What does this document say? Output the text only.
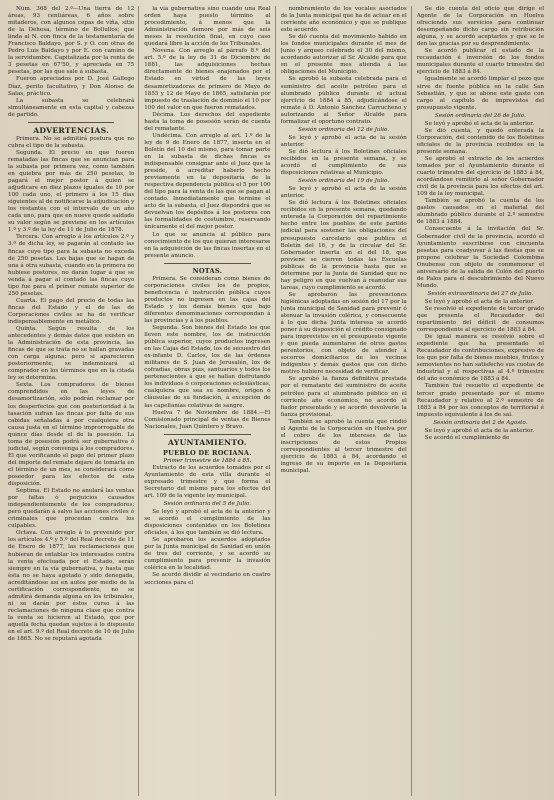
Núm. 368 del 2.º—Una tierra de 12 áreas, 93 centiáreas, 6 años sobre mitaderos, con algunos cepas de viña, sitio de la Dehesa, término de Bollullos; que linda al N. con finca de la testamentaría de Francisco Baldayo, por S. y O. con otras de Pedro Luis Baldayo y por E. con camino de la servidumbre. Capitalizada por la renta de 3 pesetas en 67'50, y apreciada en 75 pesetas, por las que sale á subasta.

Fueron apreciados por D. José Gallego Díaz, perito facultativo, y Don Alonso de Salas, práctico.

La subasta se celebrará simultáneamente en esta capital y cabezas de partido.

ADVERTENCIAS.

Primera. No se admitirá postura que no cubra el tipo de la subasta.

Segunda. El precio en que fueren rematadas las fincas que se anuncian para la subasta por primera vez, como también en quiebra por más de 250 pesetas, lo pagará el mejor postor á quien se adjudicare en diez plazos iguales de 10 por 100 cada uno, el primero á los 15 días siguientes al de notificarse la adjudicación y los restantes con el intervalo de un año cada uno, para que en nueve quede saldado su valor según se previene en los artículos 1.º y 3.º de la ley de 11 de Julio de 1878.

Tercera. Con arreglo á los artículos 2.º y 3.º de dicha ley, se pagarán al contado las fincas cuyo tipo para la subasta no exceda de 250 pesetas. Las bajas que se hagan de una á otra subasta, cuando en la primera no hubiese postores, no darán lugar á que se venda á pagar al contado las fincas cuyo tipo fue para el primer remate superior de 250 pesetas.

Cuarta. El pago del precio de todas las fincas del Estado y el de las de Corporaciones civiles se ha de verificar indispensablemente en metálico.

Quinta. Según resulta de los antecedentes y demás datos que existen en la Administración de esta provincia, las fincas de que se trata no se hallan gravadas con carga alguna; pero si aparecieren posteriormente, se indemnizará al comprador en los términos que en la citada ley se determina.

Sexta. Los compradores de bienes comprendidos en las leyes de desamortización, sólo podrán reclamar por los desperfectos que con posterioridad á la tasación sufran las fincas por falta de sus cabidas señaladas á por cualquiera otra causa justa en el término improrrogable de quince días desde el de la posesión. La toma de posesión podrá ser gubernativa ó judicial, según convenga á los compradores. El que verificando el pago del primer plazo del importe del remate dejare de tomarla en el término de un mes, se considerará como poseedor para los efectos de esta disposición.

Séptima. El Estado no anulará las ventas por faltas ó perjuicios causados independientemente de los compradores; pero quedarán á salvo las acciones civiles ó criminales que procedan contra los culpables.

Octava. Con arreglo á lo prevenido por los artículos 4.º y 5.º del Real decreto de 11 de Enero de 1877, las reclamaciones que hubieran de entablar los interesados contra la venta efectuada por el Estado, serán siempre en la vía gubernativa, y hasta que ésta no se haya agotado y sido denegada, acreditándose así en autos por medio de la certificación correspondiente, no se admitirá demanda alguna en los tribunales, ni se darán por éstos curso á las reclamaciones de ninguna clase que contra la venta se hicieren al Estado, que por aquella fecha quedan sujetos á lo dispuesto en el art. 9.º del Real decreto de 10 de Julio de 1865. No se reputará agotada

la vía gubernativa sino cuando una Real orden haya puesto término al procedimiento, á menos que la Administración demore por más de seis meses la resolución final, en cuyo caso quedará libre la acción de los Tribunales.

Novena. Con arreglo al párrafo 8.º del art. 5.º de la ley de 31 de Diciembre de 1881, las adquisiciones hechas directamente de bienes enajenados por el Estado en virtud de las leyes desamortizadoras de primero de Mayo de 1855 y 12 de Mayo de 1865, satisfarán por impuesto de traslación de dominio el 10 por 100 del valor en que fueron rematados.

Décima. Los derechos del expediente hasta la toma de posesión serán de cuenta del rematante.

Undécima. Con arreglo al art. 1.º de la ley de 9 de Enero de 1877, inserta en el Boletín del 10 del mismo, para tomar parte en la subasta de dichas fincas es indispensable consignar ante el Juez que la preside, ó acreditar haberlo hecho previamente en la depositaría de la respectiva dependencia pública el 5 por 100 del tipo para la venta de las que se pagan al contado. Inmediatamente que termine el acto de la subasta, el Juez dispondrá que se devuelvan los depósitos á los postores con las formalidades de costumbre, reservando únicamente el del mejor postor.

Lo que se anuncia al público para conocimiento de los que quieran interesarse en la adquisición de las fincas insertas en el presente anuncio.

NOTAS.

Primera. Se consideran como bienes de corporaciones civiles los de propios, beneficencia é instrucción pública cuyos productos no ingresen en las cajas del Estado y los demás bienes que bajo diferentes denominaciones correspondan á las provincias y á los pueblos.

Segunda. Son bienes del Estado los que lleven este nombre, los de instrucción pública superior, cuyos productos ingresen en las Cajas del Estado, los de secuestro del ex-infante D. Carlos, los de las órdenes militares de S. Juan de Jerusalén, los de cofradías, obras pías, santuarios y todos los pertenecientes á que se hallan disfrutando los individuos ó corporaciones eclesiásticas, cualquiera que sea su nombre, origen ó cláusulas de su fundación, á excepción de las capellanías colativas de sangre.

Huelva 7 de Noviembre de 1884.—El Comisionado principal de ventas de Bienes Nacionales, Juan Quintero y Bravo.

AYUNTAMIENTO.
PUEBLO DE ROCIANA.

Primer trimestre de 1884 á 85.

Extracto de los acuerdos tomados por el Ayuntamiento de esta villa durante el expresado trimestre y que forma el Secretario del mismo para los efectos del art. 109 de la vigente ley municipal.

Sesión ordinaria del 5 de Julio.

Se leyó y aprobó el acta de la anterior y se acordó el cumplimiento de las disposiciones contenidas en los Boletines oficiales, á los que también se dió lectura.

Se aprobaron los acuerdos adoptados por la Junta municipal de Sanidad en unión de tres del corriente, y se acordó su cumplimiento para prevenir la invasión colérica en la localidad.

Se acordó dividir al vecindario en cuatro secciones para el

nombramiento de los vocales asociados de la Junta municipal que ha de actuar en el corriente año económico y que se publique este acuerdo.

Se dió cuenta del movimiento habido en los fondos municipales durante el mes de Junio y arqueo celebrado el 30 del mismo, acordando autorizar al Sr. Alcalde para que en el presente mes atienda á las obligaciones del Municipio.

Se aprobó la subasta celebrada para el suministro del aceite petróleo para el alumbrado público durante el actual ejercicio de 1884 á 85, adjudicándose el remate á D. Antonio Sánchez Carrucheno y autorizando al Señor Alcalde para formalizar el oportuno contrato.

Sesión ordinaria del 12 de Julio.

Se leyó y aprobó el acta de la sesión anterior.

Se dió lectura á los Boletines oficiales recibidos en la presente semana, y se acordó el cumplimiento de sus disposiciones relativas al Municipio.

Sesión ordinaria del 19 de Julio.

Se leyó y aprobó el acta de la sesión anterior.

Se dió lectura á los Boletines oficiales recibidos en la presente semana, quedando enterada la Corporación del repartimiento hecho entre los pueblos de este partido judicial para sostener las obligaciones del presupuesto carcelario que publica el Boletín del 16, y de la circular del Sr. Gobernador inserta en el del 18, que previene se cierren todas las Escuelas públicas de la provincia hasta que se determine por la Junta de Sanidad que no hay peligro en que vuelvan á reanudar sus tareas, cuyo cumplimiento se acordó.

Se aprobaron las prevenciones higiénicas adoptadas en sesión del 17 por la Junta municipal de Sanidad para prevenir ó atenuar la invasión colérica, y consecuente á lo que dicha Junta interesa se acordó poner á su disposición el crédito consignado para imprevistos en el presupuesto vigente y que pueda aumentarse de otros gastos perentorios, con objeto de atender á socorros domiciliarios de los vecinos indigentes y demás gastos que con dicho motivo hubiere necesidad de verificar.

Se aprobó la fianza definitiva prestada por el rematante del suministro de aceite petróleo para el alumbrado público en el corriente año económico, no acordó el fiador presentado y se acordó devolverle la fianza provisional.

También se aprobó la cuenta que rindió el Agente de la Corporación en Huelva por el cobro de los intereses de las inscripciones de estos Propios correspondientes al tercer trimestre del ejercicio de 1883 á 84, acordando el ingreso de su importe en la Depositaría municipal.

Se dió cuenta del oficio que dirige el Agente de la Corporación en Huelva ofreciendo sus servicios para continuar desempeñando dicho cargo sin retribución alguna, y se acordó aceptarlos y que se le den las gracias por su desprendimiento.

Se acordó publicar el estado de la recaudación é inversión de los fondos municipales durante el cuarto trimestre del ejercicio de 1883 á 84.

Igualmente se acordó limpiar el pozo que sirve de fuente pública en la calle San Sebastián, y que se abone este gasto con cargo al capítulo de imprevistos del presupuesto vigente.

Sesión ordinaria del 26 de Julio.

Se leyó y aprobó el acta de la anterior.

Se dió cuenta, y quedó enterada la Corporación, del contenido de los Boletines oficiales de la provincia recibidos en la presente semana.

Se aprobó el extracto de los acuerdos tomados por el Ayuntamiento durante el cuarto trimestre del ejercicio de 1883 á 84, acordándose remitirlo al señor Gobernador civil de la provincia para los efectos del art. 109 de la ley municipal.

También se aprobó la cuenta de los gastos causados en el material del alumbrado público durante el 2.º semestre de 1883 á 1884.

Consecuente á la invitación del Sr. Gobernador civil de la provincia, acordó el Ayuntamiento suscribirse con cincuenta pesetas para coadyuvar á las fiestas que se propone celebrar la Sociedad Colombina Onubense con objeto de conmemorar el aniversario de la salida de Colón del puerto de Palos para el descubrimiento del Nuevo Mundo.

Sesión extraordinaria del 27 de Julio.

Se leyó y aprobó el acta de la anterior.

Se resolvió el expediente de tercer grado que presenta el Recaudador del repartimiento del déficit de consumos correspondiente al ejercicio de 1883 á 84.

De igual manera se resolvió sobre el expediente que ha presentado el Recaudador de contribuciones, expresivo de los que por falta de bienes muebles, frutos y semovientes no han satisfecho sus cuotas de industrial y al respectivas al 4.º trimestre del año económico de 1883 á 84.

También fué resuelto el expediente de tercer grado presentado por el mismo Recaudador y relativo al 2.º semestre de 1883 á 84 por los conceptos de territorial é impuesto equivalente á los de sal.

Sesión ordinaria del 2 de Agosto.

Se leyó y aprobó el acta de la anterior.

Se acordó el cumplimiento de
